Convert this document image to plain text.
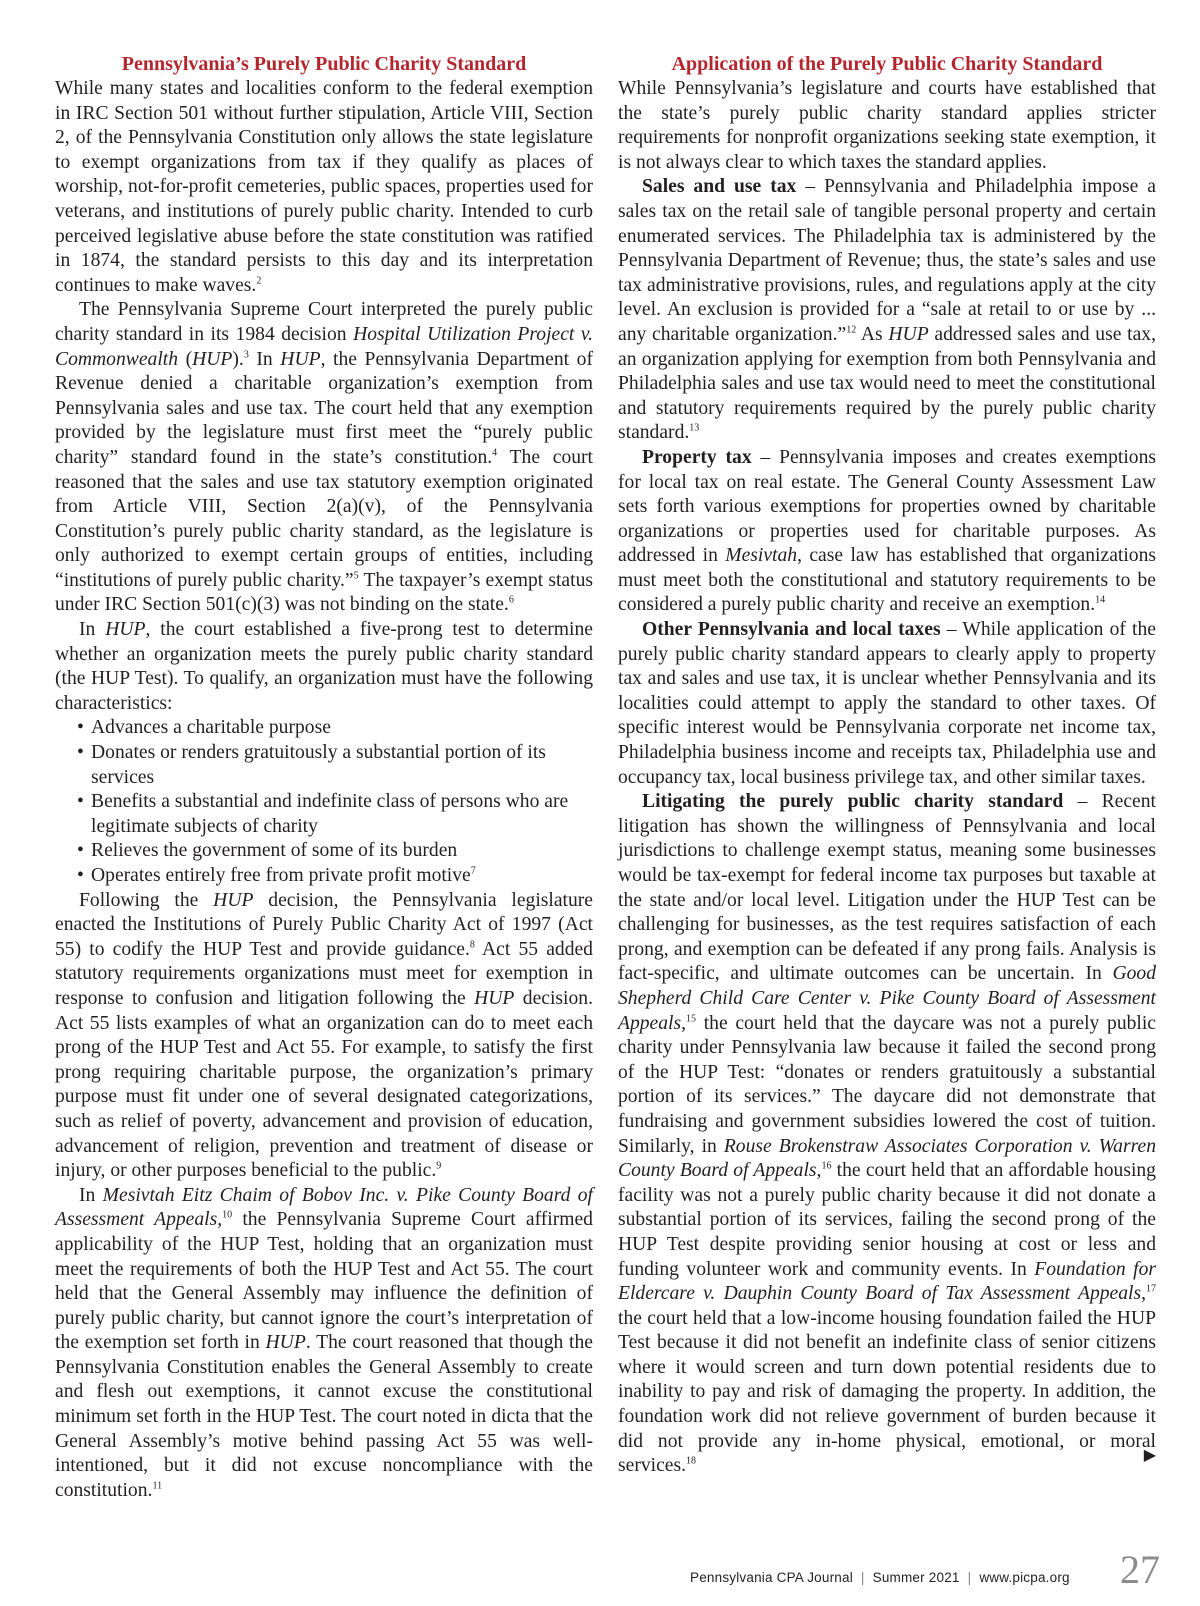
Pennsylvania’s Purely Public Charity Standard

While many states and localities conform to the federal exemption in IRC Section 501 without further stipulation, Article VIII, Section 2, of the Pennsylvania Constitution only allows the state legislature to exempt organizations from tax if they qualify as places of worship, not-for-profit cemeteries, public spaces, properties used for veterans, and institutions of purely public charity. Intended to curb perceived legislative abuse before the state constitution was ratified in 1874, the standard persists to this day and its interpretation continues to make waves.$^2$

The Pennsylvania Supreme Court interpreted the purely public charity standard in its 1984 decision Hospital Utilization Project v. Commonwealth (HUP).$^3$ In HUP, the Pennsylvania Department of Revenue denied a charitable organization’s exemption from Pennsylvania sales and use tax. The court held that any exemption provided by the legislature must first meet the “purely public charity” standard found in the state’s constitution.$^4$ The court reasoned that the sales and use tax statutory exemption originated from Article VIII, Section 2(a)(v), of the Pennsylvania Constitution’s purely public charity standard, as the legislature is only authorized to exempt certain groups of entities, including “institutions of purely public charity.”$^5$ The taxpayer’s exempt status under IRC Section 501(c)(3) was not binding on the state.$^6$

In HUP, the court established a five-prong test to determine whether an organization meets the purely public charity standard (the HUP Test). To qualify, an organization must have the following characteristics:

• Advances a charitable purpose
• Donates or renders gratuitously a substantial portion of its services
• Benefits a substantial and indefinite class of persons who are legitimate subjects of charity
• Relieves the government of some of its burden
• Operates entirely free from private profit motive$^7$

Following the HUP decision, the Pennsylvania legislature enacted the Institutions of Purely Public Charity Act of 1997 (Act 55) to codify the HUP Test and provide guidance.$^8$ Act 55 added statutory requirements organizations must meet for exemption in response to confusion and litigation following the HUP decision. Act 55 lists examples of what an organization can do to meet each prong of the HUP Test and Act 55. For example, to satisfy the first prong requiring charitable purpose, the organization’s primary purpose must fit under one of several designated categorizations, such as relief of poverty, advancement and provision of education, advancement of religion, prevention and treatment of disease or injury, or other purposes beneficial to the public.$^9$

In Mesivtah Eitz Chaim of Bobov Inc. v. Pike County Board of Assessment Appeals,$^{10}$ the Pennsylvania Supreme Court affirmed applicability of the HUP Test, holding that an organization must meet the requirements of both the HUP Test and Act 55. The court held that the General Assembly may influence the definition of purely public charity, but cannot ignore the court’s interpretation of the exemption set forth in HUP. The court reasoned that though the Pennsylvania Constitution enables the General Assembly to create and flesh out exemptions, it cannot excuse the constitutional minimum set forth in the HUP Test. The court noted in dicta that the General Assembly’s motive behind passing Act 55 was well-intentioned, but it did not excuse noncompliance with the constitution.$^{11}$

Application of the Purely Public Charity Standard

While Pennsylvania’s legislature and courts have established that the state’s purely public charity standard applies stricter requirements for nonprofit organizations seeking state exemption, it is not always clear to which taxes the standard applies.

Sales and use tax – Pennsylvania and Philadelphia impose a sales tax on the retail sale of tangible personal property and certain enumerated services. The Philadelphia tax is administered by the Pennsylvania Department of Revenue; thus, the state’s sales and use tax administrative provisions, rules, and regulations apply at the city level. An exclusion is provided for a “sale at retail to or use by ... any charitable organization.”$^{12}$ As HUP addressed sales and use tax, an organization applying for exemption from both Pennsylvania and Philadelphia sales and use tax would need to meet the constitutional and statutory requirements required by the purely public charity standard.$^{13}$

Property tax – Pennsylvania imposes and creates exemptions for local tax on real estate. The General County Assessment Law sets forth various exemptions for properties owned by charitable organizations or properties used for charitable purposes. As addressed in Mesivtah, case law has established that organizations must meet both the constitutional and statutory requirements to be considered a purely public charity and receive an exemption.$^{14}$

Other Pennsylvania and local taxes – While application of the purely public charity standard appears to clearly apply to property tax and sales and use tax, it is unclear whether Pennsylvania and its localities could attempt to apply the standard to other taxes. Of specific interest would be Pennsylvania corporate net income tax, Philadelphia business income and receipts tax, Philadelphia use and occupancy tax, local business privilege tax, and other similar taxes.

Litigating the purely public charity standard – Recent litigation has shown the willingness of Pennsylvania and local jurisdictions to challenge exempt status, meaning some businesses would be tax-exempt for federal income tax purposes but taxable at the state and/or local level. Litigation under the HUP Test can be challenging for businesses, as the test requires satisfaction of each prong, and exemption can be defeated if any prong fails. Analysis is fact-specific, and ultimate outcomes can be uncertain. In Good Shepherd Child Care Center v. Pike County Board of Assessment Appeals,$^{15}$ the court held that the daycare was not a purely public charity under Pennsylvania law because it failed the second prong of the HUP Test: “donates or renders gratuitously a substantial portion of its services.” The daycare did not demonstrate that fundraising and government subsidies lowered the cost of tuition. Similarly, in Rouse Brokenstraw Associates Corporation v. Warren County Board of Appeals,$^{16}$ the court held that an affordable housing facility was not a purely public charity because it did not donate a substantial portion of its services, failing the second prong of the HUP Test despite providing senior housing at cost or less and funding volunteer work and community events. In Foundation for Eldercare v. Dauphin County Board of Tax Assessment Appeals,$^{17}$ the court held that a low-income housing foundation failed the HUP Test because it did not benefit an indefinite class of senior citizens where it would screen and turn down potential residents due to inability to pay and risk of damaging the property. In addition, the foundation work did not relieve government of burden because it did not provide any in-home physical, emotional, or moral services.$^{18}$	▶
Pennsylvania CPA Journal | Summer 2021 | www.picpa.org 27
